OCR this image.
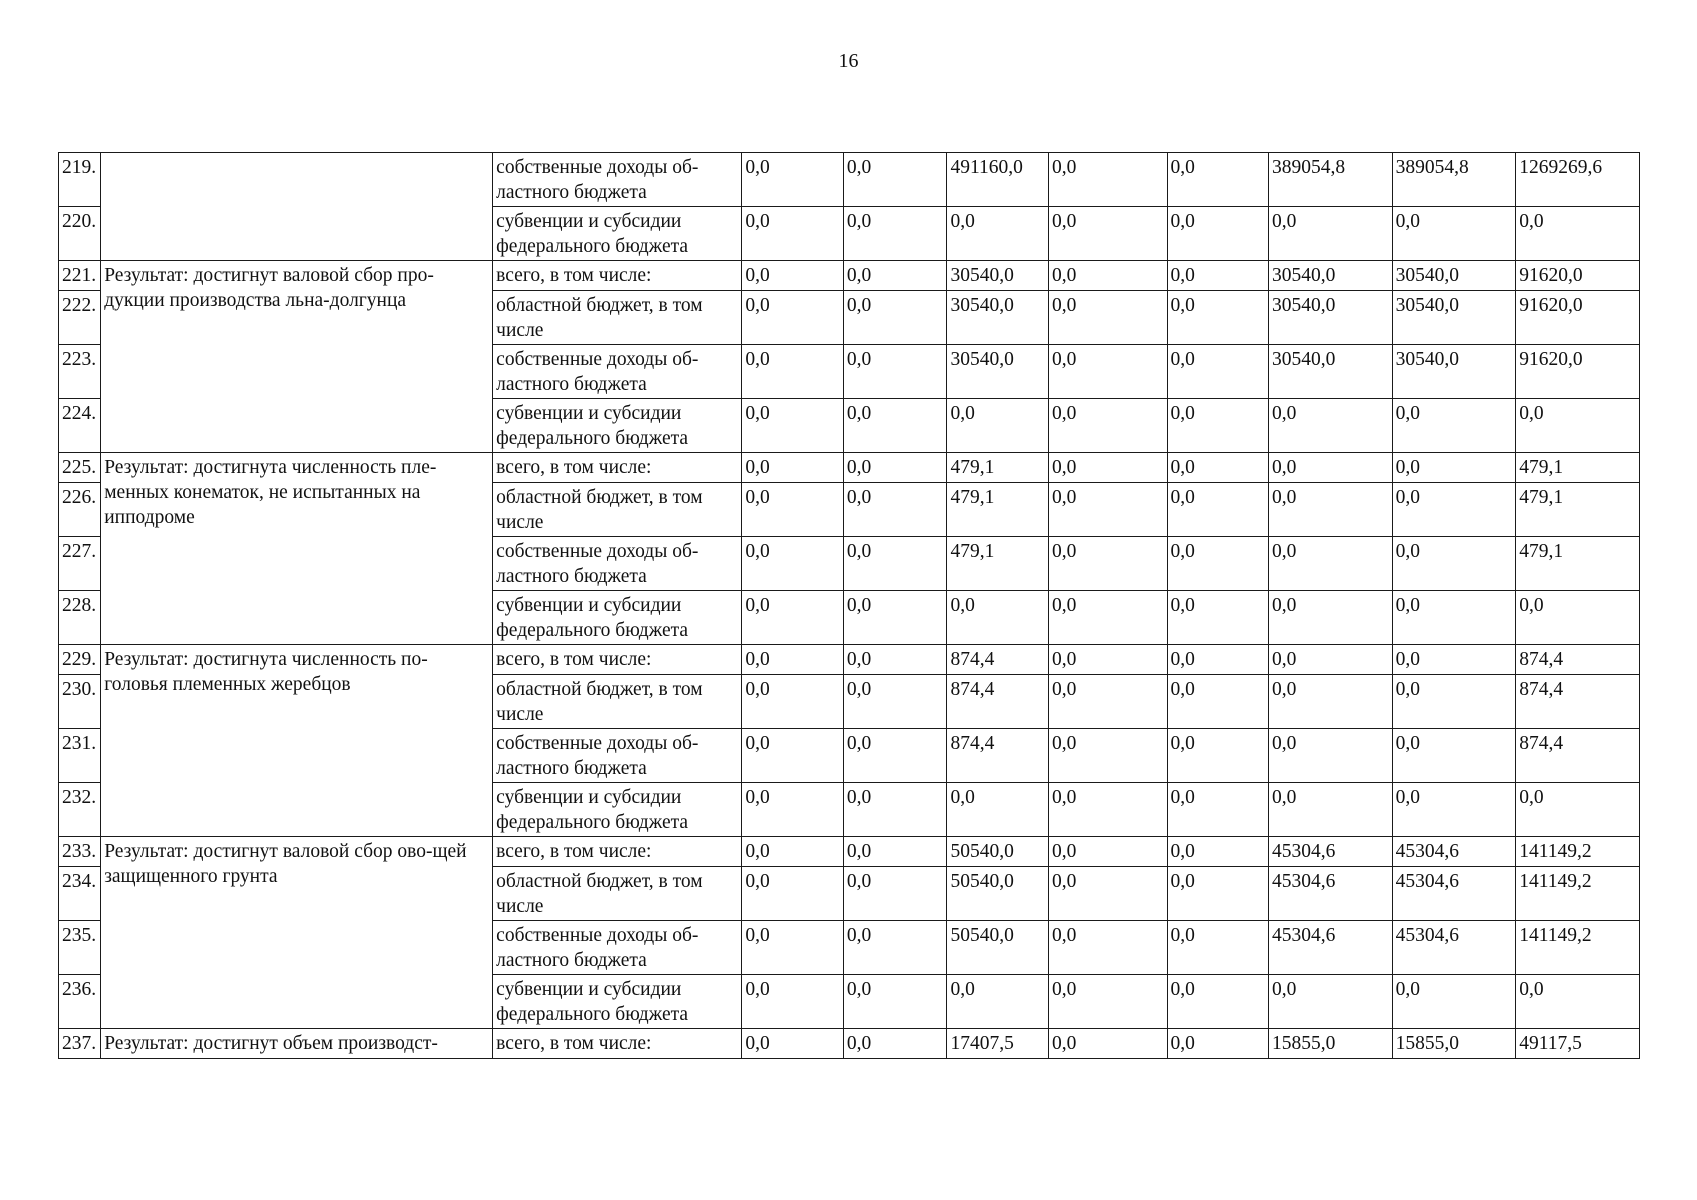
16
219.		собственные доходы об-ластного бюджета	0,0	0,0	491160,0	0,0	0,0	389054,8	389054,8	1269269,6
220.		субвенции и субсидии федерального бюджета	0,0	0,0	0,0	0,0	0,0	0,0	0,0	0,0
221.	Результат: достигнут валовой сбор про-дукции производства льна-долгунца	всего, в том числе:	0,0	0,0	30540,0	0,0	0,0	30540,0	30540,0	91620,0
222.		областной бюджет, в том числе	0,0	0,0	30540,0	0,0	0,0	30540,0	30540,0	91620,0
223.		собственные доходы об-ластного бюджета	0,0	0,0	30540,0	0,0	0,0	30540,0	30540,0	91620,0
224.		субвенции и субсидии федерального бюджета	0,0	0,0	0,0	0,0	0,0	0,0	0,0	0,0
225.	Результат: достигнута численность пле-менных конематок, не испытанных на ипподроме	всего, в том числе:	0,0	0,0	479,1	0,0	0,0	0,0	0,0	479,1
226.		областной бюджет, в том числе	0,0	0,0	479,1	0,0	0,0	0,0	0,0	479,1
227.		собственные доходы об-ластного бюджета	0,0	0,0	479,1	0,0	0,0	0,0	0,0	479,1
228.		субвенции и субсидии федерального бюджета	0,0	0,0	0,0	0,0	0,0	0,0	0,0	0,0
229.	Результат: достигнута численность по-головья племенных жеребцов	всего, в том числе:	0,0	0,0	874,4	0,0	0,0	0,0	0,0	874,4
230.		областной бюджет, в том числе	0,0	0,0	874,4	0,0	0,0	0,0	0,0	874,4
231.		собственные доходы об-ластного бюджета	0,0	0,0	874,4	0,0	0,0	0,0	0,0	874,4
232.		субвенции и субсидии федерального бюджета	0,0	0,0	0,0	0,0	0,0	0,0	0,0	0,0
233.	Результат: достигнут валовой сбор ово-щей защищенного грунта	всего, в том числе:	0,0	0,0	50540,0	0,0	0,0	45304,6	45304,6	141149,2
234.		областной бюджет, в том числе	0,0	0,0	50540,0	0,0	0,0	45304,6	45304,6	141149,2
235.		собственные доходы об-ластного бюджета	0,0	0,0	50540,0	0,0	0,0	45304,6	45304,6	141149,2
236.		субвенции и субсидии федерального бюджета	0,0	0,0	0,0	0,0	0,0	0,0	0,0	0,0
237.	Результат: достигнут объем производст-	всего, в том числе:	0,0	0,0	17407,5	0,0	0,0	15855,0	15855,0	49117,5
